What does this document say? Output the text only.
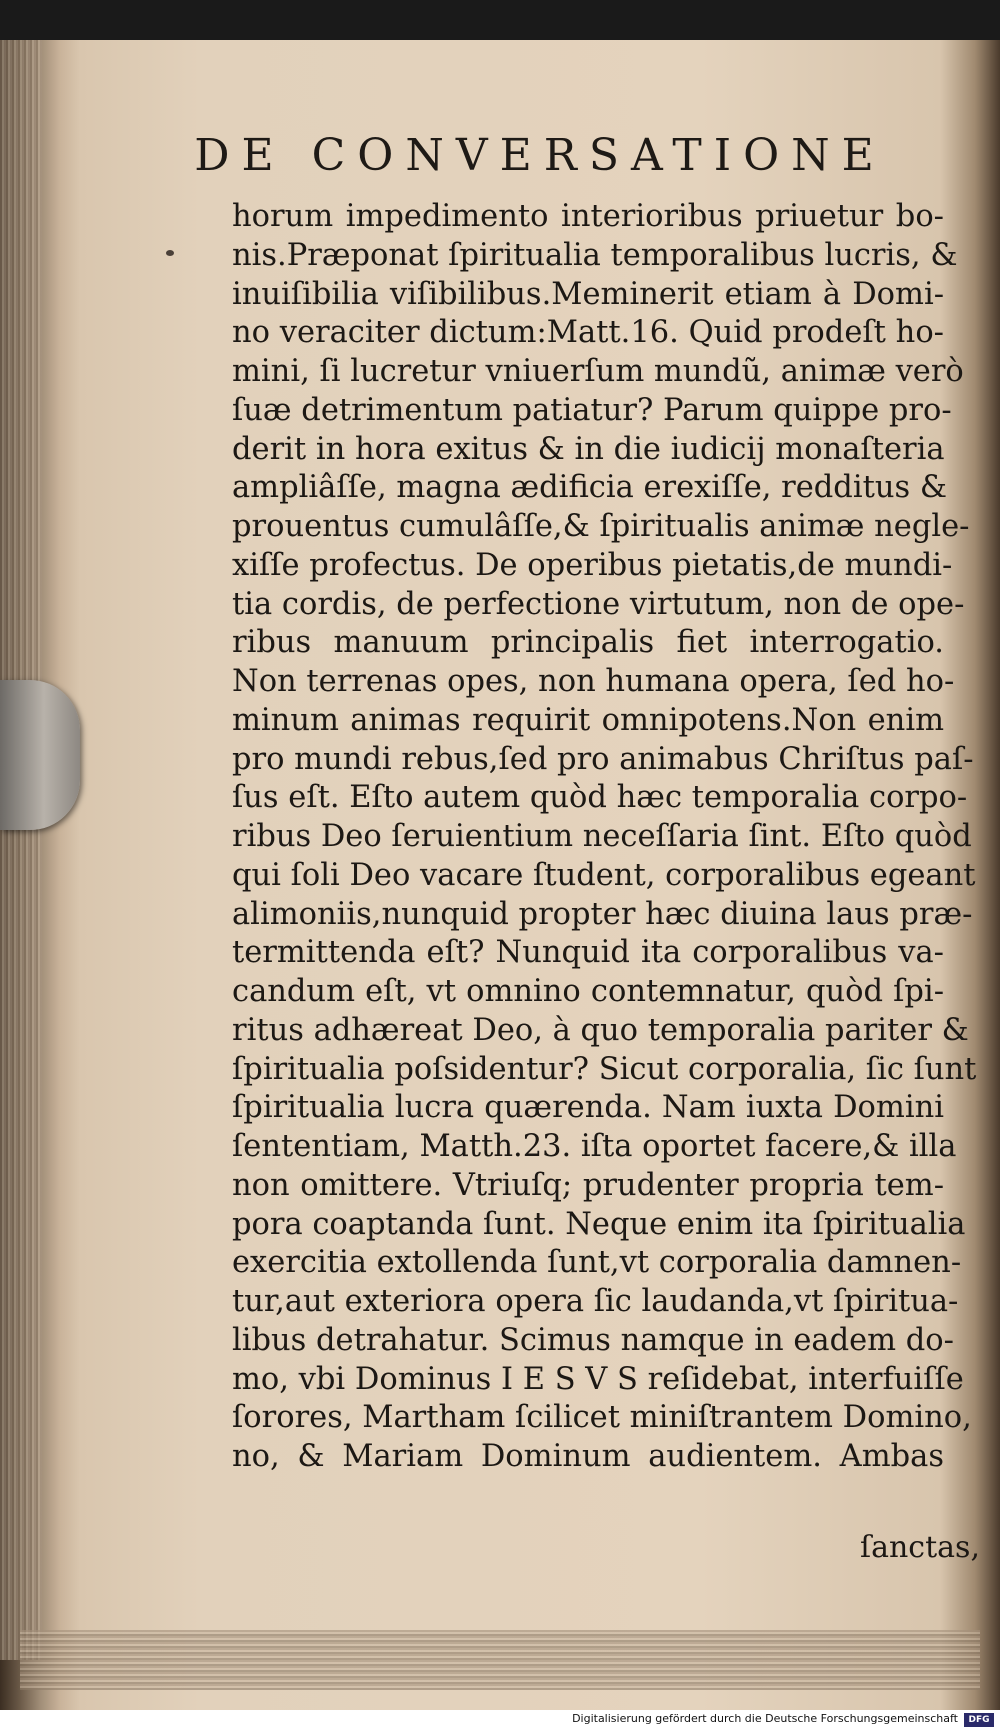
DE CONVERSATIONE
horum impedimento interioribus priuetur bo-
nis.Præponat ſpiritualia temporalibus lucris, &
inuiſibilia viſibilibus.Meminerit etiam à Domi-
no veraciter dictum:Matt.16. Quid prodeſt ho-
mini, ſi lucretur vniuerſum mundũ, animæ verò
ſuæ detrimentum patiatur? Parum quippe pro-
derit in hora exitus & in die iudicij monaſteria
ampliâſſe, magna ædificia erexiſſe, redditus &
prouentus cumulâſſe,& ſpiritualis animæ negle-
xiſſe profectus. De operibus pietatis,de mundi-
tia cordis, de perfectione virtutum, non de ope-
ribus manuum principalis fiet interrogatio.
Non terrenas opes, non humana opera, ſed ho-
minum animas requirit omnipotens.Non enim
pro mundi rebus,ſed pro animabus Chriſtus paſ-
ſus eſt. Eſto autem quòd hæc temporalia corpo-
ribus Deo ſeruientium neceſſaria ſint. Eſto quòd
qui ſoli Deo vacare ſtudent, corporalibus egeant
alimoniis,nunquid propter hæc diuina laus præ-
termittenda eſt? Nunquid ita corporalibus va-
candum eſt, vt omnino contemnatur, quòd ſpi-
ritus adhæreat Deo, à quo temporalia pariter &
ſpiritualia poſsidentur? Sicut corporalia, ſic ſunt
ſpiritualia lucra quærenda. Nam iuxta Domini
ſententiam, Matth.23. iſta oportet facere,& illa
non omittere. Vtriuſq; prudenter propria tem-
pora coaptanda ſunt. Neque enim ita ſpiritualia
exercitia extollenda ſunt,vt corporalia damnen-
tur,aut exteriora opera ſic laudanda,vt ſpiritua-
libus detrahatur. Scimus namque in eadem do-
mo, vbi Dominus I E S V S reſidebat, interfuiſſe
ſorores, Martham ſcilicet miniſtrantem Domino,
no, & Mariam Dominum audientem. Ambas
ſanctas,
Digitalisierung gefördert durch die Deutsche Forschungsgemeinschaft	DFG
